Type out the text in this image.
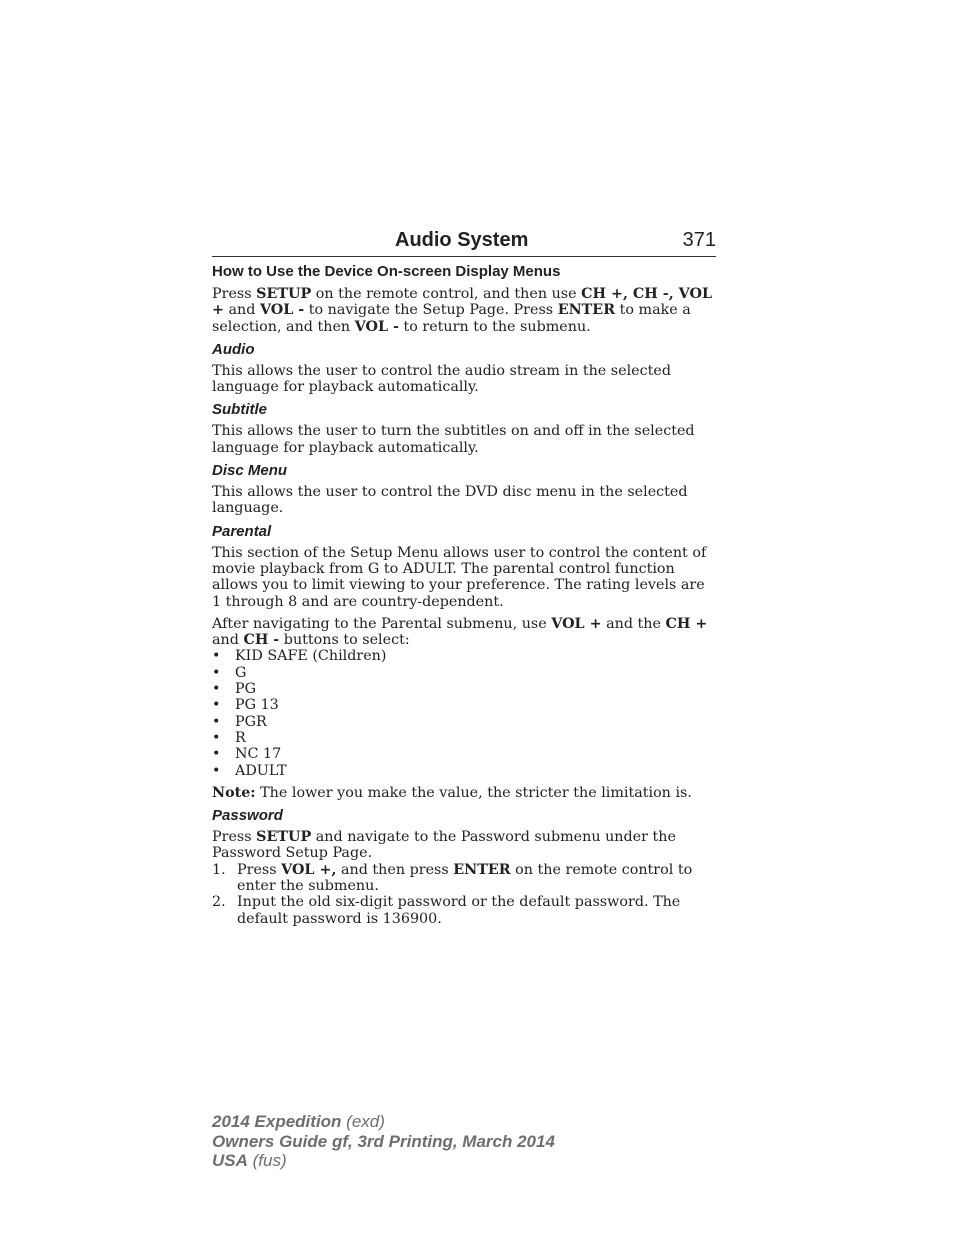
Audio System	371
How to Use the Device On-screen Display Menus

Press SETUP on the remote control, and then use CH +, CH -, VOL + and VOL - to navigate the Setup Page. Press ENTER to make a selection, and then VOL - to return to the submenu.

Audio

This allows the user to control the audio stream in the selected language for playback automatically.

Subtitle

This allows the user to turn the subtitles on and off in the selected language for playback automatically.

Disc Menu

This allows the user to control the DVD disc menu in the selected language.

Parental

This section of the Setup Menu allows user to control the content of movie playback from G to ADULT. The parental control function allows you to limit viewing to your preference. The rating levels are 1 through 8 and are country-dependent.

After navigating to the Parental submenu, use VOL + and the CH + and CH - buttons to select:

• KID SAFE (Children)
• G
• PG
• PG 13
• PGR
• R
• NC 17
• ADULT

Note: The lower you make the value, the stricter the limitation is.

Password

Press SETUP and navigate to the Password submenu under the Password Setup Page.

1. Press VOL +, and then press ENTER on the remote control to enter the submenu.
2. Input the old six-digit password or the default password. The default password is 136900.
2014 Expedition (exd)
Owners Guide gf, 3rd Printing, March 2014
USA (fus)
